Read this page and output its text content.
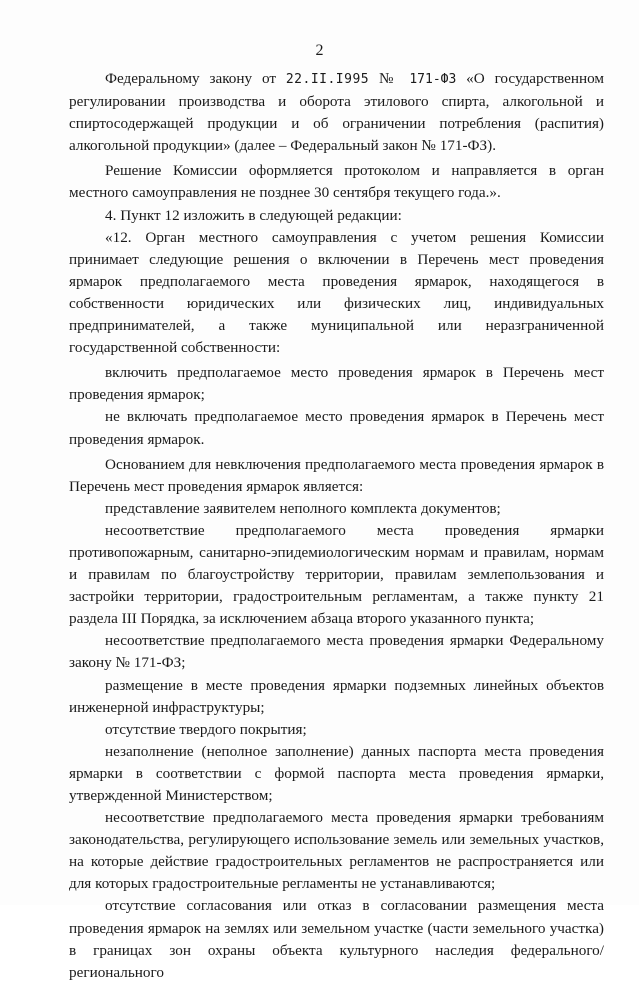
2

Федеральному закону от 22.II.I995 № 171-ФЗ «О государственном регулировании производства и оборота этилового спирта, алкогольной и спиртосодержащей продукции и об ограничении потребления (распития) алкогольной продукции» (далее – Федеральный закон № 171-ФЗ).

Решение Комиссии оформляется протоколом и направляется в орган местного самоуправления не позднее 30 сентября текущего года.».

4. Пункт 12 изложить в следующей редакции:

«12. Орган местного самоуправления с учетом решения Комиссии принимает следующие решения о включении в Перечень мест проведения ярмарок предполагаемого места проведения ярмарок, находящегося в собственности юридических или физических лиц, индивидуальных предпринимателей, а также муниципальной или неразграниченной государственной собственности:

включить предполагаемое место проведения ярмарок в Перечень мест проведения ярмарок;

не включать предполагаемое место проведения ярмарок в Перечень мест проведения ярмарок.

Основанием для невключения предполагаемого места проведения ярмарок в Перечень мест проведения ярмарок является:

представление заявителем неполного комплекта документов;

несоответствие предполагаемого места проведения ярмарки противопожарным, санитарно-эпидемиологическим нормам и правилам, нормам и правилам по благоустройству территории, правилам землепользования и застройки территории, градостроительным регламентам, а также пункту 21 раздела III Порядка, за исключением абзаца второго указанного пункта;

несоответствие предполагаемого места проведения ярмарки Федеральному закону № 171-ФЗ;

размещение в месте проведения ярмарки подземных линейных объектов инженерной инфраструктуры;

отсутствие твердого покрытия;

незаполнение (неполное заполнение) данных паспорта места проведения ярмарки в соответствии с формой паспорта места проведения ярмарки, утвержденной Министерством;

несоответствие предполагаемого места проведения ярмарки требованиям законодательства, регулирующего использование земель или земельных участков, на которые действие градостроительных регламентов не распространяется или для которых градостроительные регламенты не устанавливаются;

отсутствие согласования или отказ в согласовании размещения места проведения ярмарок на землях или земельном участке (части земельного участка) в границах зон охраны объекта культурного наследия федерального/регионального
